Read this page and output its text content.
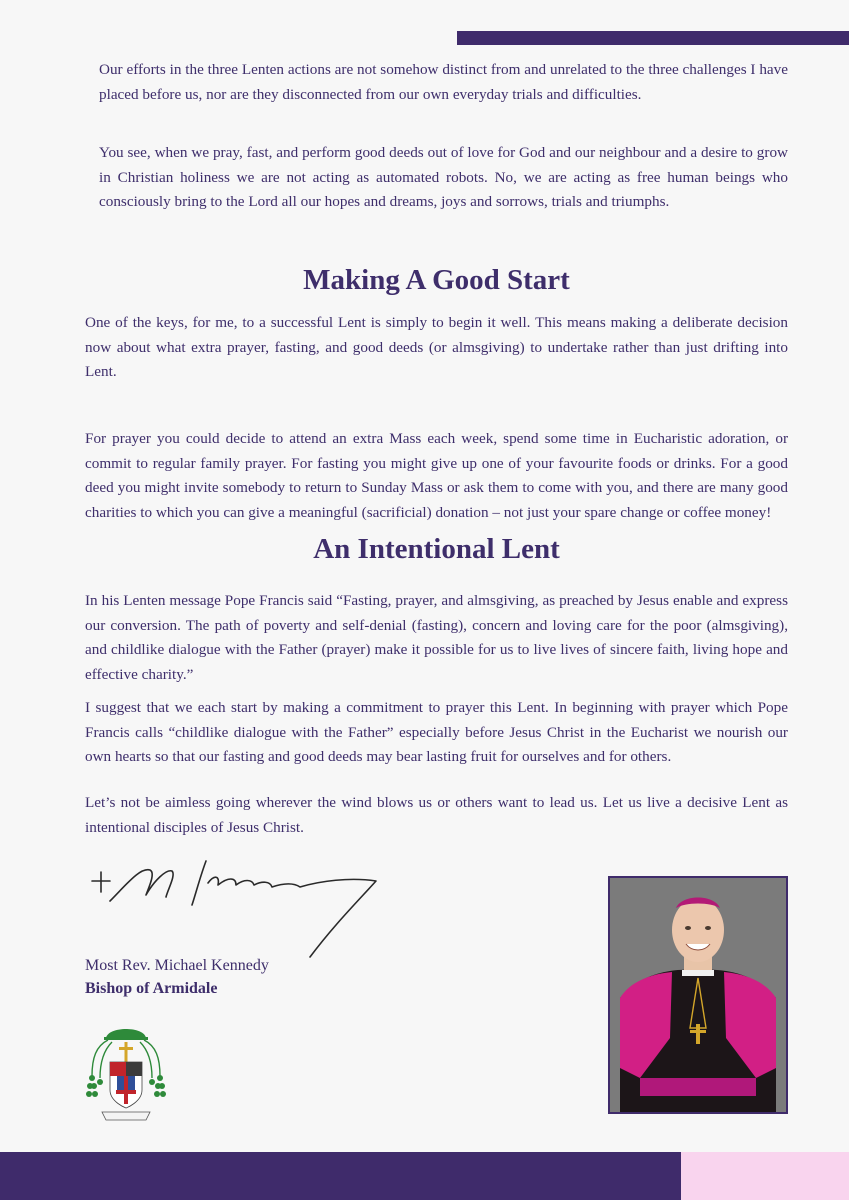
Our efforts in the three Lenten actions are not somehow distinct from and unrelated to the three challenges I have placed before us, nor are they disconnected from our own everyday trials and difficulties.

You see, when we pray, fast, and perform good deeds out of love for God and our neighbour and a desire to grow in Christian holiness we are not acting as automated robots. No, we are acting as free human beings who consciously bring to the Lord all our hopes and dreams, joys and sorrows, trials and triumphs.

Making A Good Start

One of the keys, for me, to a successful Lent is simply to begin it well. This means making a deliberate decision now about what extra prayer, fasting, and good deeds (or almsgiving) to undertake rather than just drifting into Lent.

For prayer you could decide to attend an extra Mass each week, spend some time in Eucharistic adoration, or commit to regular family prayer. For fasting you might give up one of your favourite foods or drinks. For a good deed you might invite somebody to return to Sunday Mass or ask them to come with you, and there are many good charities to which you can give a meaningful (sacrificial) donation – not just your spare change or coffee money!

An Intentional Lent

In his Lenten message Pope Francis said “Fasting, prayer, and almsgiving, as preached by Jesus enable and express our conversion. The path of poverty and self-denial (fasting), concern and loving care for the poor (almsgiving), and childlike dialogue with the Father (prayer) make it possible for us to live lives of sincere faith, living hope and effective charity.”

I suggest that we each start by making a commitment to prayer this Lent. In beginning with prayer which Pope Francis calls “childlike dialogue with the Father” especially before Jesus Christ in the Eucharist we nourish our own hearts so that our fasting and good deeds may bear lasting fruit for ourselves and for others.

Let’s not be aimless going wherever the wind blows us or others want to lead us. Let us live a decisive Lent as intentional disciples of Jesus Christ.

Most Rev. Michael Kennedy
Bishop of Armidale
